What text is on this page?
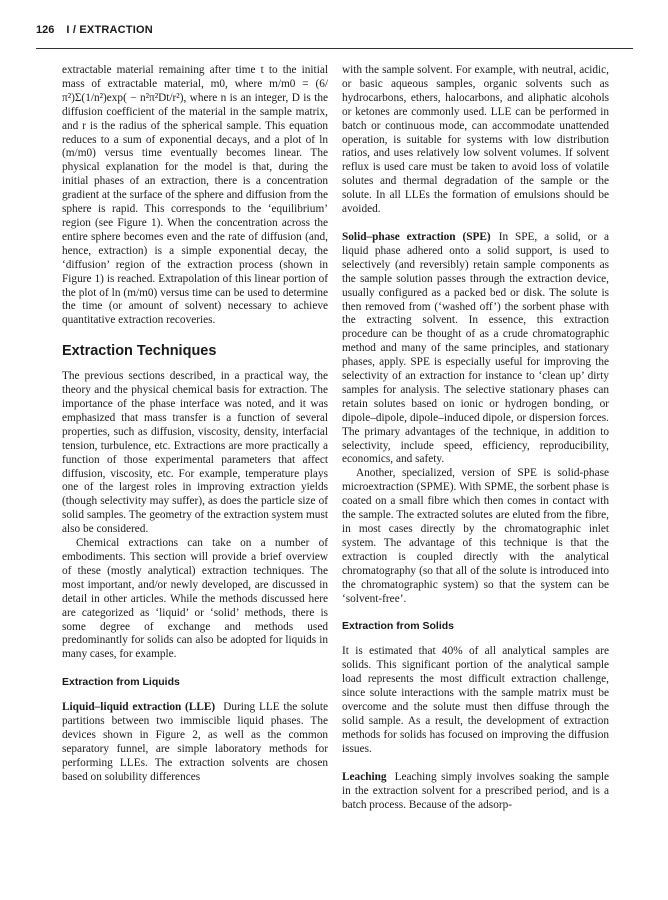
126 I / EXTRACTION

extractable material remaining after time t to the initial mass of extractable material, m0, where m/m0 = (6/π²)Σ(1/n²)exp( − n²π²Dt/r²), where n is an integer, D is the diffusion coefficient of the material in the sample matrix, and r is the radius of the spherical sample. This equation reduces to a sum of exponential decays, and a plot of ln (m/m0) versus time eventually becomes linear. The physical explanation for the model is that, during the initial phases of an extraction, there is a concentration gradient at the surface of the sphere and diffusion from the sphere is rapid. This corresponds to the ‘equilibrium’ region (see Figure 1). When the concentration across the entire sphere becomes even and the rate of diffusion (and, hence, extraction) is a simple exponential decay, the ‘diffusion’ region of the extraction process (shown in Figure 1) is reached. Extrapolation of this linear portion of the plot of ln (m/m0) versus time can be used to determine the time (or amount of solvent) necessary to achieve quantitative extraction recoveries.

Extraction Techniques

The previous sections described, in a practical way, the theory and the physical chemical basis for extraction. The importance of the phase interface was noted, and it was emphasized that mass transfer is a function of several properties, such as diffusion, viscosity, density, interfacial tension, turbulence, etc. Extractions are more practically a function of those experimental parameters that affect diffusion, viscosity, etc. For example, temperature plays one of the largest roles in improving extraction yields (though selectivity may suffer), as does the particle size of solid samples. The geometry of the extraction system must also be considered.

Chemical extractions can take on a number of embodiments. This section will provide a brief overview of these (mostly analytical) extraction techniques. The most important, and/or newly developed, are discussed in detail in other articles. While the methods discussed here are categorized as ‘liquid’ or ‘solid’ methods, there is some degree of exchange and methods used predominantly for solids can also be adopted for liquids in many cases, for example.

Extraction from Liquids

Liquid–liquid extraction (LLE) During LLE the solute partitions between two immiscible liquid phases. The devices shown in Figure 2, as well as the common separatory funnel, are simple laboratory methods for performing LLEs. The extraction solvents are chosen based on solubility differences

with the sample solvent. For example, with neutral, acidic, or basic aqueous samples, organic solvents such as hydrocarbons, ethers, halocarbons, and aliphatic alcohols or ketones are commonly used. LLE can be performed in batch or continuous mode, can accommodate unattended operation, is suitable for systems with low distribution ratios, and uses relatively low solvent volumes. If solvent reflux is used care must be taken to avoid loss of volatile solutes and thermal degradation of the sample or the solute. In all LLEs the formation of emulsions should be avoided.

Solid–phase extraction (SPE) In SPE, a solid, or a liquid phase adhered onto a solid support, is used to selectively (and reversibly) retain sample components as the sample solution passes through the extraction device, usually configured as a packed bed or disk. The solute is then removed from (‘washed off’) the sorbent phase with the extracting solvent. In essence, this extraction procedure can be thought of as a crude chromatographic method and many of the same principles, and stationary phases, apply. SPE is especially useful for improving the selectivity of an extraction for instance to ‘clean up’ dirty samples for analysis. The selective stationary phases can retain solutes based on ionic or hydrogen bonding, or dipole–dipole, dipole–induced dipole, or dispersion forces. The primary advantages of the technique, in addition to selectivity, include speed, efficiency, reproducibility, economics, and safety.

Another, specialized, version of SPE is solid-phase microextraction (SPME). With SPME, the sorbent phase is coated on a small fibre which then comes in contact with the sample. The extracted solutes are eluted from the fibre, in most cases directly by the chromatographic inlet system. The advantage of this technique is that the extraction is coupled directly with the analytical chromatography (so that all of the solute is introduced into the chromatographic system) so that the system can be ‘solvent-free’.

Extraction from Solids

It is estimated that 40% of all analytical samples are solids. This significant portion of the analytical sample load represents the most difficult extraction challenge, since solute interactions with the sample matrix must be overcome and the solute must then diffuse through the solid sample. As a result, the development of extraction methods for solids has focused on improving the diffusion issues.

Leaching Leaching simply involves soaking the sample in the extraction solvent for a prescribed period, and is a batch process. Because of the adsorp-
